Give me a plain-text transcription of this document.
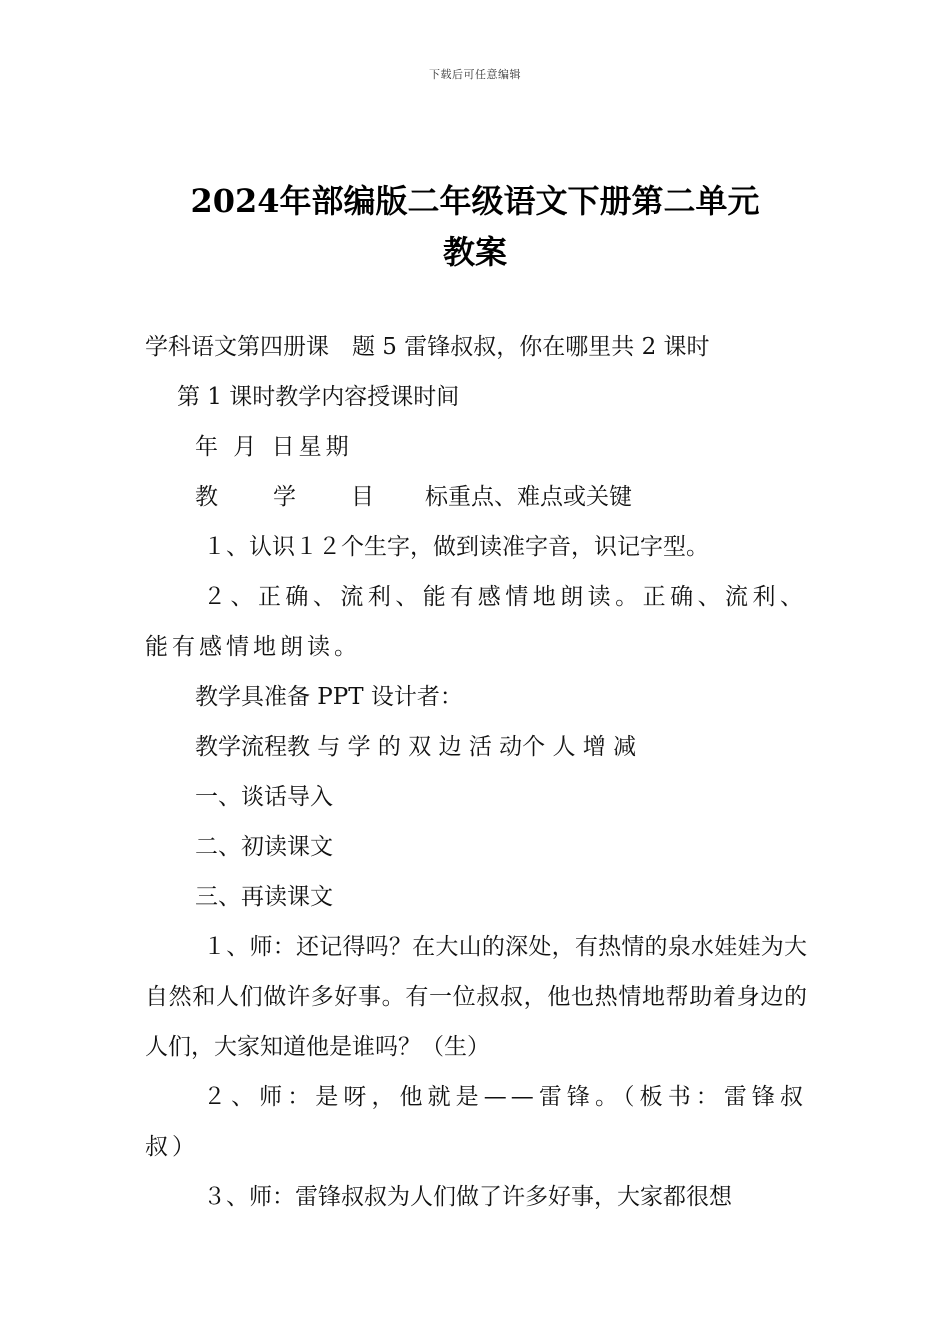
下载后可任意编辑
2024年部编版二年级语文下册第二单元
教案

学科语文第四册课　题 5 雷锋叔叔，你在哪里共 2 课时

第 1 课时教学内容授课时间

年 月 日星期

教	学	目	标重点、难点或关键

１、认识１２个生字，做到读准字音，识记字型。

２、正确、流利、能有感情地朗读。正确、流利、能有感情地朗读。

教学具准备 PPT 设计者：

教学流程教 与 学 的 双 边 活 动个 人 增 减

一、谈话导入

二、初读课文

三、再读课文

１、师：还记得吗？在大山的深处，有热情的泉水娃娃为大自然和人们做许多好事。有一位叔叔，他也热情地帮助着身边的人们，大家知道他是谁吗？（生）

２、师：是呀，他就是——雷锋。（板书：雷锋叔叔）

３、师：雷锋叔叔为人们做了许多好事，大家都很想
